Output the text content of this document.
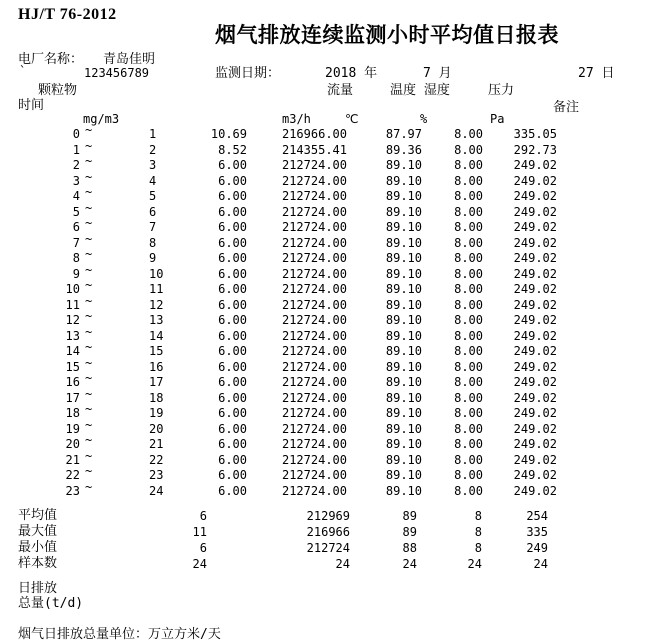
HJ/T 76-2012
烟气排放连续监测小时平均值日报表
电厂名称： 青岛佳明
`	123456789	监测日期：	2018 年	7 月	27 日
颗粒物	流量	温度 湿度	压力
时间	备注
mg/m3	m3/h	℃	%	Pa
0 ~	1	10.69	216966.00	87.97	8.00	335.05
1 ~	2	8.52	214355.41	89.36	8.00	292.73
2 ~	3	6.00	212724.00	89.10	8.00	249.02
3 ~	4	6.00	212724.00	89.10	8.00	249.02
4 ~	5	6.00	212724.00	89.10	8.00	249.02
5 ~	6	6.00	212724.00	89.10	8.00	249.02
6 ~	7	6.00	212724.00	89.10	8.00	249.02
7 ~	8	6.00	212724.00	89.10	8.00	249.02
8 ~	9	6.00	212724.00	89.10	8.00	249.02
9 ~	10	6.00	212724.00	89.10	8.00	249.02
10 ~	11	6.00	212724.00	89.10	8.00	249.02
11 ~	12	6.00	212724.00	89.10	8.00	249.02
12 ~	13	6.00	212724.00	89.10	8.00	249.02
13 ~	14	6.00	212724.00	89.10	8.00	249.02
14 ~	15	6.00	212724.00	89.10	8.00	249.02
15 ~	16	6.00	212724.00	89.10	8.00	249.02
16 ~	17	6.00	212724.00	89.10	8.00	249.02
17 ~	18	6.00	212724.00	89.10	8.00	249.02
18 ~	19	6.00	212724.00	89.10	8.00	249.02
19 ~	20	6.00	212724.00	89.10	8.00	249.02
20 ~	21	6.00	212724.00	89.10	8.00	249.02
21 ~	22	6.00	212724.00	89.10	8.00	249.02
22 ~	23	6.00	212724.00	89.10	8.00	249.02
23 ~	24	6.00	212724.00	89.10	8.00	249.02
平均值	6	212969	89	8	254
最大值	11	216966	89	8	335
最小值	6	212724	88	8	249
样本数	24	24	24	24	24
日排放
总量(t/d)
烟气日排放总量单位：万立方米/天
